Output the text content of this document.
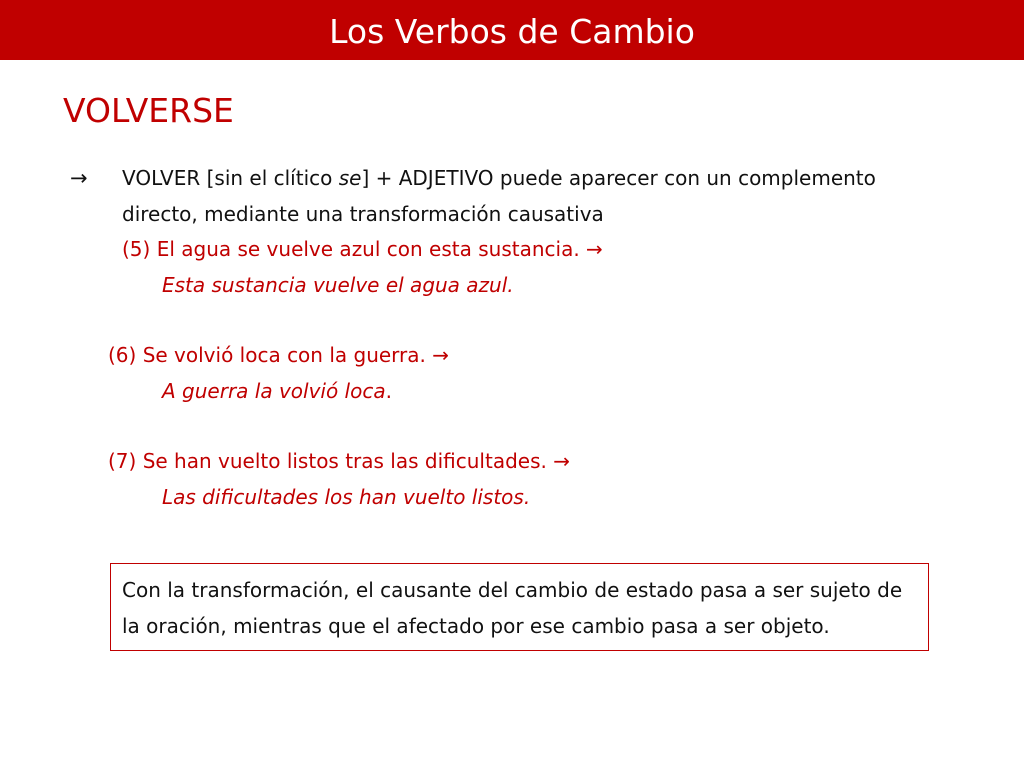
Los Verbos de Cambio
VOLVERSE
→ VOLVER [sin el clítico se] + ADJETIVO puede aparecer con un complemento directo, mediante una transformación causativa
(5) El agua se vuelve azul con esta sustancia. →
Esta sustancia vuelve el agua azul.
(6) Se volvió loca con la guerra. →
A guerra la volvió loca.
(7) Se han vuelto listos tras las dificultades. →
Las dificultades los han vuelto listos.
Con la transformación, el causante del cambio de estado pasa a ser sujeto de la oración, mientras que el afectado por ese cambio pasa a ser objeto.
